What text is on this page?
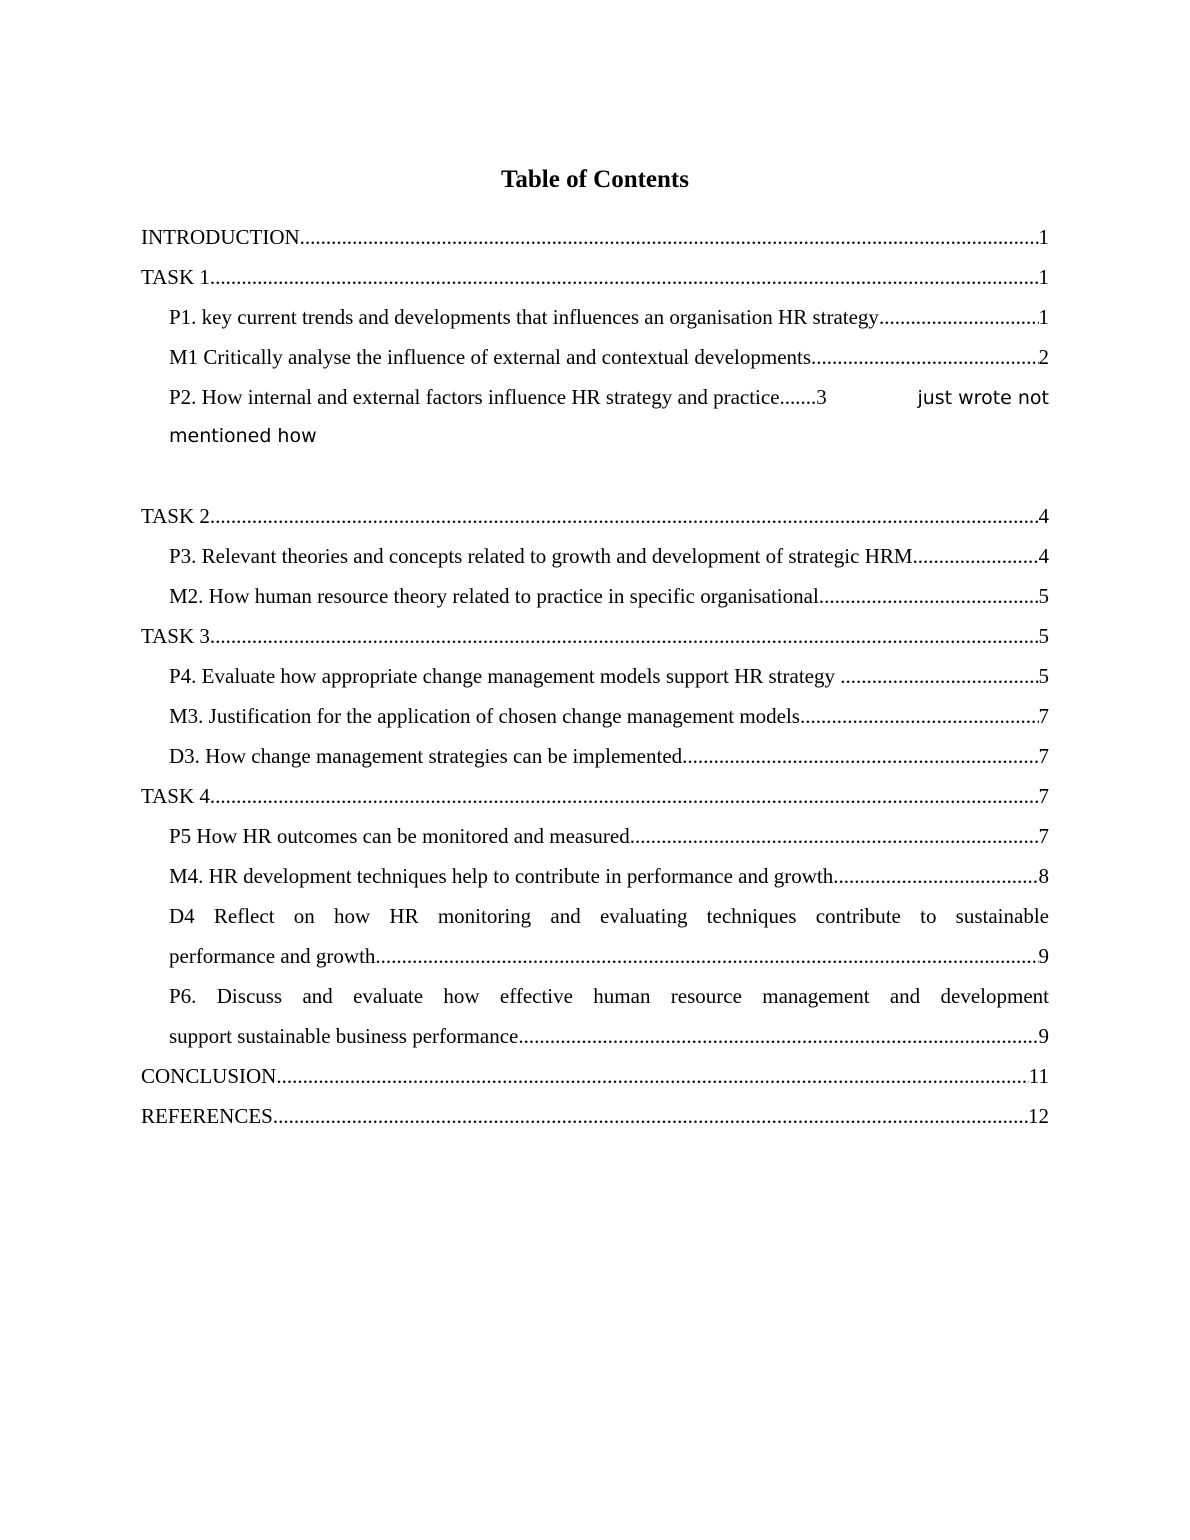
Table of Contents
INTRODUCTION .....	1
TASK 1 .....	1
P1. key current trends and developments that influences an organisation HR strategy .....	1
M1 Critically analyse the influence of external and contextual developments .....	2
P2. How internal and external factors influence HR strategy and practice ....... 3	just wrote not
mentioned how
TASK 2 .....	4
P3. Relevant theories and concepts related to growth and development of strategic HRM .....	4
M2. How human resource theory related to practice in specific organisational .....	5
TASK 3 .....	5
P4. Evaluate how appropriate change management models support HR strategy .....	5
M3. Justification for the application of chosen change management models .....	7
D3. How change management strategies can be implemented .....	7
TASK 4 .....	7
P5 How HR outcomes can be monitored and measured .....	7
M4. HR development techniques help to contribute in performance and growth .....	8
D4 Reflect on how HR monitoring and evaluating techniques contribute to sustainable
performance and growth .....	9
P6. Discuss and evaluate how effective human resource management and development
support sustainable business performance .....	9
CONCLUSION .....	11
REFERENCES .....	12
